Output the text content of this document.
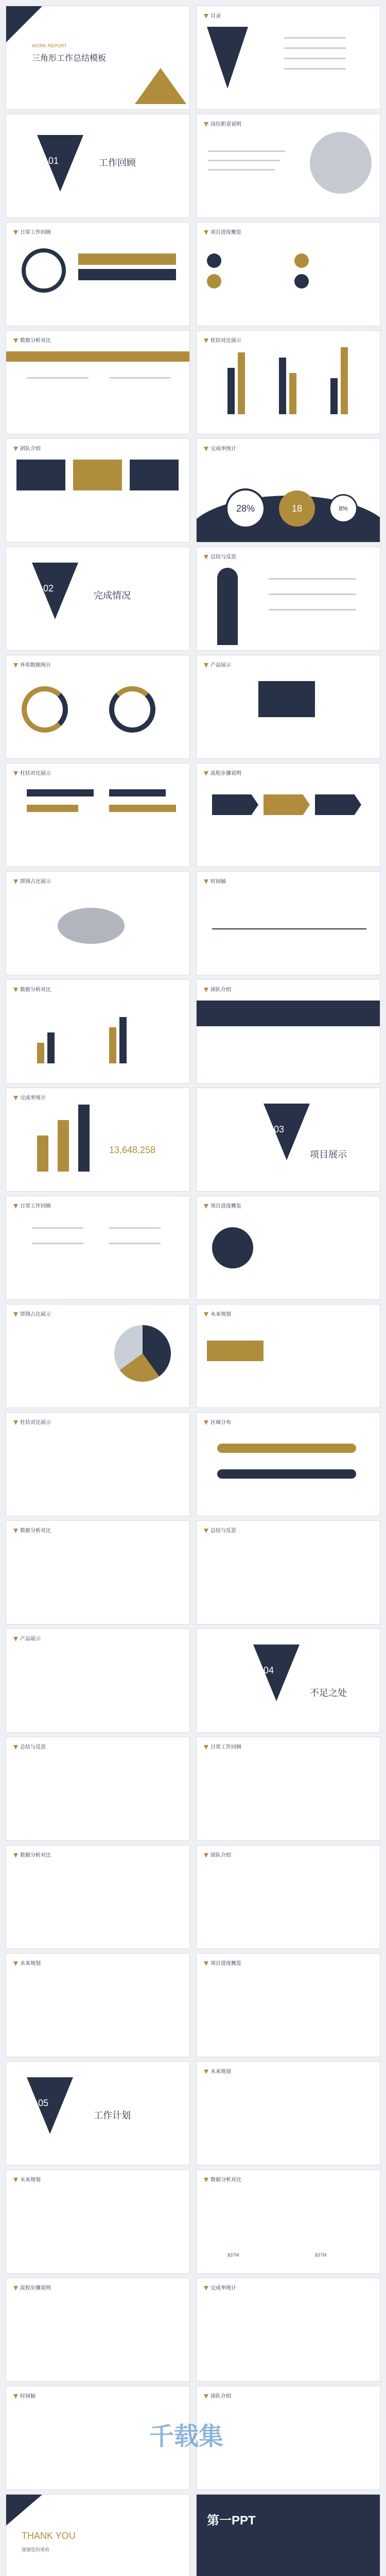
WORK REPORT
三角形工作总结模板
目录
01	工作回顾
岗位职责说明
日常工作回顾	项目进度概览
数据分析对比	柱状对比展示
团队介绍	完成率统计
28%	18	8%
02
完成情况
总结与反思
环形数据统计	产品展示
柱状对比展示	流程步骤说明
饼图占比展示	时间轴
数据分析对比	团队介绍
完成率统计
13,648,258
03
项目展示
日常工作回顾	项目进度概览
饼图占比展示	未来规划
柱状对比展示	区域分布
数据分析对比	总结与反思
产品展示
04
不足之处
总结与反思	日常工作回顾
数据分析对比	团队介绍
未来规划	项目进度概览
05
工作计划
未来规划
未来规划	数据分析对比
$37M	$37M
流程步骤说明	完成率统计
时间轴	团队介绍
THANK YOU
谢谢您的观看
第一PPT
千载集
